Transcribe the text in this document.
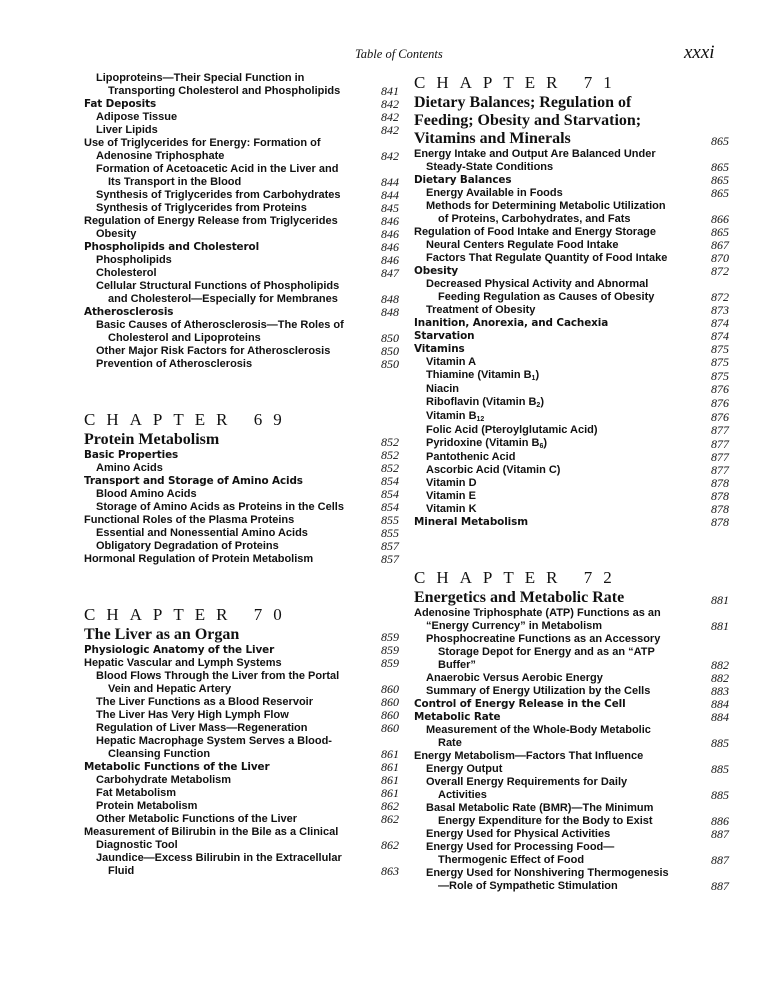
Table of Contents	xxxi
Lipoproteins—Their Special Function in Transporting Cholesterol and Phospholipids	841
Fat Deposits	842
Adipose Tissue	842
Liver Lipids	842
Use of Triglycerides for Energy: Formation of Adenosine Triphosphate	842
Formation of Acetoacetic Acid in the Liver and Its Transport in the Blood	844
Synthesis of Triglycerides from Carbohydrates	844
Synthesis of Triglycerides from Proteins	845
Regulation of Energy Release from Triglycerides	846
Obesity	846
Phospholipids and Cholesterol	846
Phospholipids	846
Cholesterol	847
Cellular Structural Functions of Phospholipids and Cholesterol—Especially for Membranes	848
Atherosclerosis	848
Basic Causes of Atherosclerosis—The Roles of Cholesterol and Lipoproteins	850
Other Major Risk Factors for Atherosclerosis	850
Prevention of Atherosclerosis	850
CHAPTER 69
Protein Metabolism	852
Basic Properties	852
Amino Acids	852
Transport and Storage of Amino Acids	854
Blood Amino Acids	854
Storage of Amino Acids as Proteins in the Cells	854
Functional Roles of the Plasma Proteins	855
Essential and Nonessential Amino Acids	855
Obligatory Degradation of Proteins	857
Hormonal Regulation of Protein Metabolism	857
CHAPTER 70
The Liver as an Organ	859
Physiologic Anatomy of the Liver	859
Hepatic Vascular and Lymph Systems	859
Blood Flows Through the Liver from the Portal Vein and Hepatic Artery	860
The Liver Functions as a Blood Reservoir	860
The Liver Has Very High Lymph Flow	860
Regulation of Liver Mass—Regeneration	860
Hepatic Macrophage System Serves a Blood-Cleansing Function	861
Metabolic Functions of the Liver	861
Carbohydrate Metabolism	861
Fat Metabolism	861
Protein Metabolism	862
Other Metabolic Functions of the Liver	862
Measurement of Bilirubin in the Bile as a Clinical Diagnostic Tool	862
Jaundice—Excess Bilirubin in the Extracellular Fluid	863
CHAPTER 71
Dietary Balances; Regulation of Feeding; Obesity and Starvation; Vitamins and Minerals	865
Energy Intake and Output Are Balanced Under Steady-State Conditions	865
Dietary Balances	865
Energy Available in Foods	865
Methods for Determining Metabolic Utilization of Proteins, Carbohydrates, and Fats	866
Regulation of Food Intake and Energy Storage	865
Neural Centers Regulate Food Intake	867
Factors That Regulate Quantity of Food Intake	870
Obesity	872
Decreased Physical Activity and Abnormal Feeding Regulation as Causes of Obesity	872
Treatment of Obesity	873
Inanition, Anorexia, and Cachexia	874
Starvation	874
Vitamins	875
Vitamin A	875
Thiamine (Vitamin $B_1$)	875
Niacin	876
Riboflavin (Vitamin $B_2$)	876
Vitamin $B_{12}$	876
Folic Acid (Pteroylglutamic Acid)	877
Pyridoxine (Vitamin $B_6$)	877
Pantothenic Acid	877
Ascorbic Acid (Vitamin C)	877
Vitamin D	878
Vitamin E	878
Vitamin K	878
Mineral Metabolism	878
CHAPTER 72
Energetics and Metabolic Rate	881
Adenosine Triphosphate (ATP) Functions as an “Energy Currency” in Metabolism	881
Phosphocreatine Functions as an Accessory Storage Depot for Energy and as an “ATP Buffer”	882
Anaerobic Versus Aerobic Energy	882
Summary of Energy Utilization by the Cells	883
Control of Energy Release in the Cell	884
Metabolic Rate	884
Measurement of the Whole-Body Metabolic Rate	885
Energy Metabolism—Factors That Influence Energy Output	885
Overall Energy Requirements for Daily Activities	885
Basal Metabolic Rate (BMR)—The Minimum Energy Expenditure for the Body to Exist	886
Energy Used for Physical Activities	887
Energy Used for Processing Food—Thermogenic Effect of Food	887
Energy Used for Nonshivering Thermogenesis—Role of Sympathetic Stimulation	887
